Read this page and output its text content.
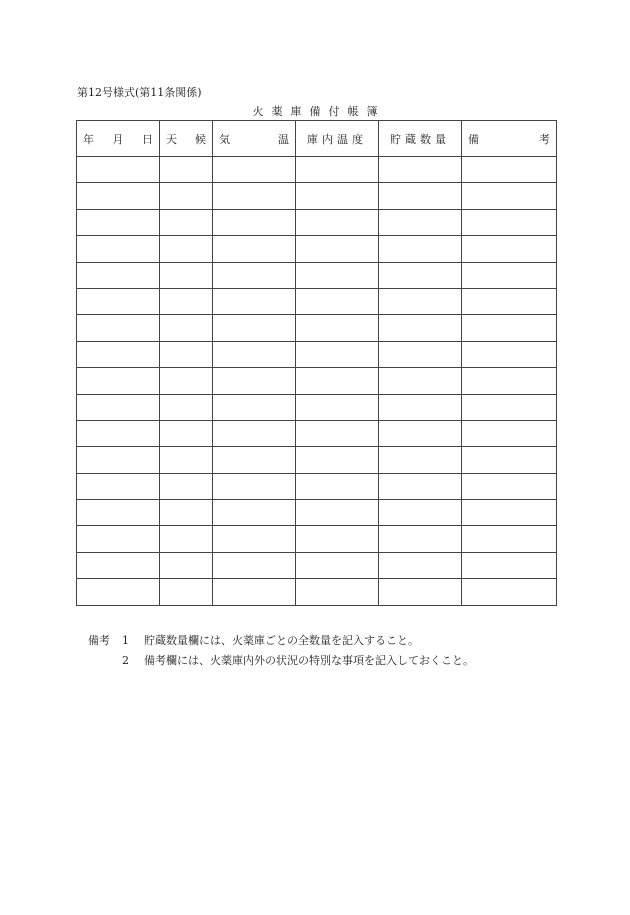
第12号様式(第11条関係)
火薬庫備付帳簿
年 月 日	天 候	気 温	庫内温度	貯蔵数量	備 考

備考	1	貯蔵数量欄には、火薬庫ごとの全数量を記入すること。
2	備考欄には、火薬庫内外の状況の特別な事項を記入しておくこと。
